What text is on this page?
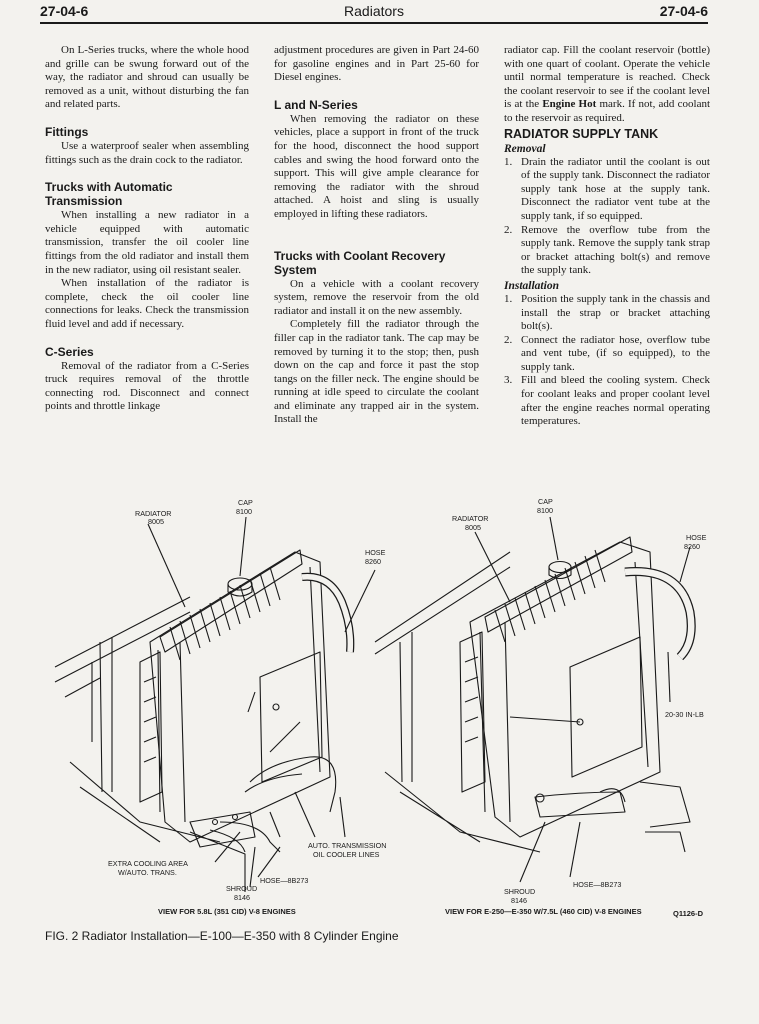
27-04-6	Radiators	27-04-6

On L-Series trucks, where the whole hood and grille can be swung forward out of the way, the radiator and shroud can usually be removed as a unit, without disturbing the fan and related parts.

Fittings

Use a waterproof sealer when assembling fittings such as the drain cock to the radiator.

Trucks with Automatic Transmission

When installing a new radiator in a vehicle equipped with automatic transmission, transfer the oil cooler line fittings from the old radiator and install them in the new radiator, using oil resistant sealer.

When installation of the radiator is complete, check the oil cooler line connections for leaks. Check the transmission fluid level and add if necessary.

C-Series

Removal of the radiator from a C-Series truck requires removal of the throttle connecting rod. Disconnect and connect points and throttle linkage

adjustment procedures are given in Part 24-60 for gasoline engines and in Part 25-60 for Diesel engines.

L and N-Series

When removing the radiator on these vehicles, place a support in front of the truck for the hood, disconnect the hood support cables and swing the hood forward onto the support. This will give ample clearance for removing the radiator with the shroud attached. A hoist and sling is usually employed in lifting these radiators.

Trucks with Coolant Recovery System

On a vehicle with a coolant recovery system, remove the reservoir from the old radiator and install it on the new assembly.

Completely fill the radiator through the filler cap in the radiator tank. The cap may be removed by turning it to the stop; then, push down on the cap and force it past the stop tangs on the filler neck. The engine should be running at idle speed to circulate the coolant and eliminate any trapped air in the system. Install the

radiator cap. Fill the coolant reservoir (bottle) with one quart of coolant. Operate the vehicle until normal temperature is reached. Check the coolant reservoir to see if the coolant level is at the Engine Hot mark. If not, add coolant to the reservoir as required.

RADIATOR SUPPLY TANK
Removal
1. Drain the radiator until the coolant is out of the supply tank. Disconnect the radiator supply tank hose at the supply tank. Disconnect the radiator vent tube at the supply tank, if so equipped.
2. Remove the overflow tube from the supply tank. Remove the supply tank strap or bracket attaching bolt(s) and remove the supply tank.
Installation
1. Position the supply tank in the chassis and install the strap or bracket attaching bolt(s).
2. Connect the radiator hose, overflow tube and vent tube, (if so equipped), to the supply tank.
3. Fill and bleed the cooling system. Check for coolant leaks and proper coolant level after the engine reaches normal operating temperatures.
RADIATOR
8005
CAP
8100
HOSE
8260
AUTO. TRANSMISSION
OIL COOLER LINES
EXTRA COOLING AREA
W/AUTO. TRANS.
HOSE—8B273
SHROUD
8146
VIEW FOR 5.8L (351 CID) V-8 ENGINES
RADIATOR
8005
CAP
8100
HOSE
8260
20-30 IN-LB
HOSE—8B273
SHROUD
8146
VIEW FOR E-250—E-350 W/7.5L (460 CID) V-8 ENGINES	Q1126-D
FIG. 2 Radiator Installation—E-100—E-350 with 8 Cylinder Engine
